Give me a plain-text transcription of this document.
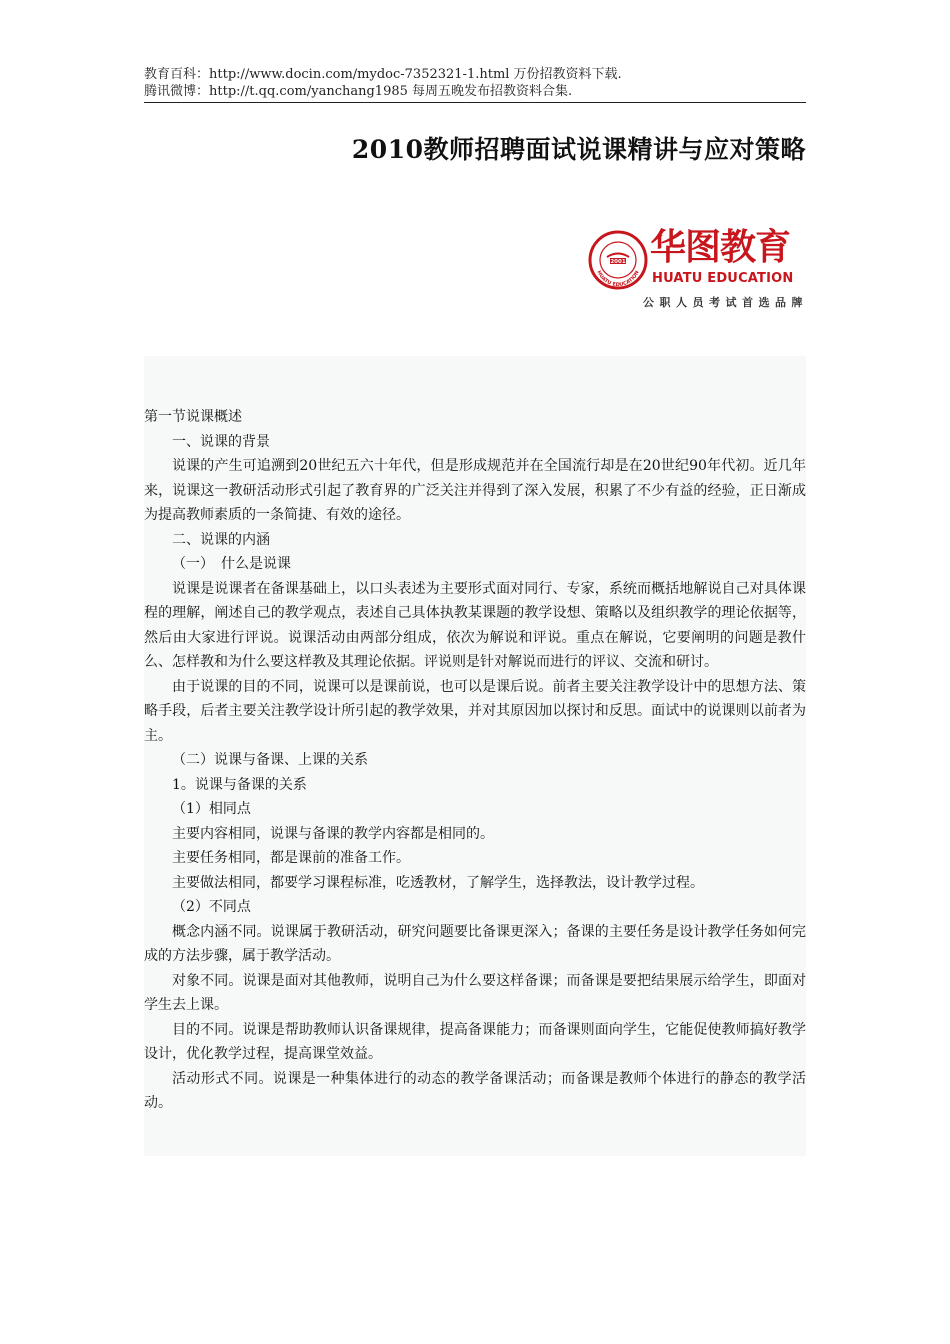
教育百科：http://www.docin.com/mydoc-7352321-1.html 万份招教资料下载.
腾讯微博：http://t.qq.com/yanchang1985 每周五晚发布招教资料合集.
2010教师招聘面试说课精讲与应对策略
2001
HUATU EDUCATION
华图教育
HUATU EDUCATION
公职人员考试首选品牌

第一节说课概述

一、说课的背景

说课的产生可追溯到20世纪五六十年代，但是形成规范并在全国流行却是在20世纪90年代初。近几年来，说课这一教研活动形式引起了教育界的广泛关注并得到了深入发展，积累了不少有益的经验，正日渐成为提高教师素质的一条简捷、有效的途径。

二、说课的内涵

（一）　什么是说课

说课是说课者在备课基础上，以口头表述为主要形式面对同行、专家，系统而概括地解说自己对具体课程的理解，阐述自己的教学观点，表述自己具体执教某课题的教学设想、策略以及组织教学的理论依据等，然后由大家进行评说。说课活动由两部分组成，依次为解说和评说。重点在解说，它要阐明的问题是教什么、怎样教和为什么要这样教及其理论依据。评说则是针对解说而进行的评议、交流和研讨。

由于说课的目的不同，说课可以是课前说，也可以是课后说。前者主要关注教学设计中的思想方法、策略手段，后者主要关注教学设计所引起的教学效果，并对其原因加以探讨和反思。面试中的说课则以前者为主。

（二）说课与备课、上课的关系

1。说课与备课的关系

（1）相同点

主要内容相同，说课与备课的教学内容都是相同的。

主要任务相同，都是课前的准备工作。

主要做法相同，都要学习课程标准，吃透教材，了解学生，选择教法，设计教学过程。

（2）不同点

概念内涵不同。说课属于教研活动，研究问题要比备课更深入；备课的主要任务是设计教学任务如何完成的方法步骤，属于教学活动。

对象不同。说课是面对其他教师，说明自己为什么要这样备课；而备课是要把结果展示给学生，即面对学生去上课。

目的不同。说课是帮助教师认识备课规律，提高备课能力；而备课则面向学生，它能促使教师搞好教学设计，优化教学过程，提高课堂效益。

活动形式不同。说课是一种集体进行的动态的教学备课活动；而备课是教师个体进行的静态的教学活动。
